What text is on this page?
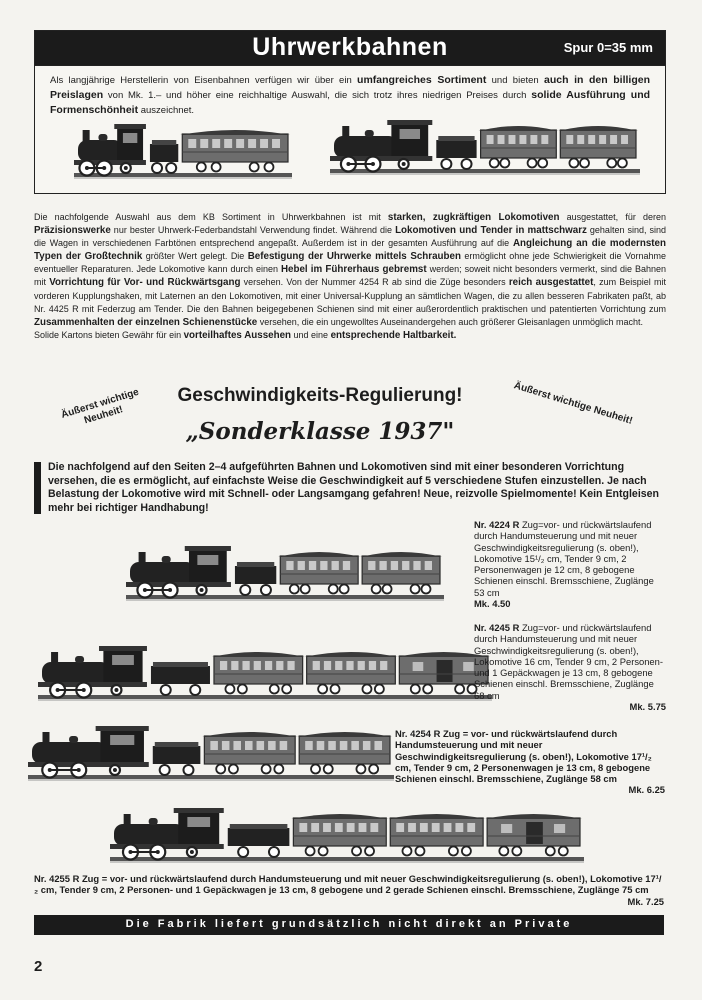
Uhrwerkbahnen	Spur 0=35 mm
Als langjährige Herstellerin von Eisenbahnen verfügen wir über ein umfangreiches Sortiment und bieten auch in den billigen Preislagen von Mk. 1.– und höher eine reichhaltige Auswahl, die sich trotz ihres niedrigen Preises durch solide Ausführung und Formenschönheit auszeichnet.

Die nachfolgende Auswahl aus dem KB Sortiment in Uhrwerkbahnen ist mit starken, zugkräftigen Lokomotiven ausgestattet, für deren Präzisionswerke nur bester Uhrwerk-Federbandstahl Verwendung findet. Während die Lokomotiven und Tender in mattschwarz gehalten sind, sind die Wagen in verschiedenen Farbtönen entsprechend angepaßt. Außerdem ist in der gesamten Ausführung auf die Angleichung an die modernsten Typen der Großtechnik größter Wert gelegt. Die Befestigung der Uhrwerke mittels Schrauben ermöglicht ohne jede Schwierigkeit die Vornahme eventueller Reparaturen. Jede Lokomotive kann durch einen Hebel im Führerhaus gebremst werden; soweit nicht besonders vermerkt, sind die Bahnen mit Vorrichtung für Vor- und Rückwärtsgang versehen. Von der Nummer 4254 R ab sind die Züge besonders reich ausgestattet, zum Beispiel mit vorderen Kupplungshaken, mit Laternen an den Lokomotiven, mit einer Universal-Kupplung an sämtlichen Wagen, die zu allen besseren Fabrikaten paßt, ab Nr. 4425 R mit Federzug am Tender. Die den Bahnen beigegebenen Schienen sind mit einer außerordentlich praktischen und patentierten Vorrichtung zum Zusammenhalten der einzelnen Schienenstücke versehen, die ein ungewolltes Auseinandergehen auch größerer Gleisanlagen unmöglich macht.

Solide Kartons bieten Gewähr für ein vorteilhaftes Aussehen und eine entsprechende Haltbarkeit.

Äußerst wichtige Neuheit!
Geschwindigkeits-Regulierung!
„Sonderklasse 1937"
Äußerst wichtige Neuheit!
Die nachfolgend auf den Seiten 2–4 aufgeführten Bahnen und Lokomotiven sind mit einer besonderen Vorrichtung versehen, die es ermöglicht, auf einfachste Weise die Geschwindigkeit auf 5 verschiedene Stufen einzustellen. Je nach Belastung der Lokomotive wird mit Schnell- oder Langsamgang gefahren! Neue, reizvolle Spielmomente! Kein Entgleisen mehr bei richtiger Handhabung!
Nr. 4224 R Zug=vor- und rückwärtslaufend durch Handumsteuerung und mit neuer Geschwindigkeitsregulierung (s. oben!), Lokomotive 15¹/₂ cm, Tender 9 cm, 2 Personenwagen je 12 cm, 8 gebogene Schienen einschl. Bremsschiene, Zuglänge 53 cm
Mk. 4.50
Nr. 4245 R Zug=vor- und rückwärtslaufend durch Handumsteuerung und mit neuer Geschwindigkeitsregulierung (s. oben!), Lokomotive 16 cm, Tender 9 cm, 2 Personen- und 1 Gepäckwagen je 13 cm, 8 gebogene Schienen einschl. Bremsschiene, Zuglänge 68 cm
Mk. 5.75
Nr. 4254 R Zug = vor- und rückwärtslaufend durch Handumsteuerung und mit neuer Geschwindigkeitsregulierung (s. oben!), Lokomotive 17¹/₂ cm, Tender 9 cm, 2 Personenwagen je 13 cm, 8 gebogene Schienen einschl. Bremsschiene, Zuglänge 58 cm
Mk. 6.25
Nr. 4255 R Zug = vor- und rückwärtslaufend durch Handumsteuerung und mit neuer Geschwindigkeitsregulierung (s. oben!), Lokomotive 17¹/₂ cm, Tender 9 cm, 2 Personen- und 1 Gepäckwagen je 13 cm, 8 gebogene und 2 gerade Schienen einschl. Bremsschiene, Zuglänge 75 cm
Mk. 7.25
Die Fabrik liefert grundsätzlich nicht direkt an Private
2
